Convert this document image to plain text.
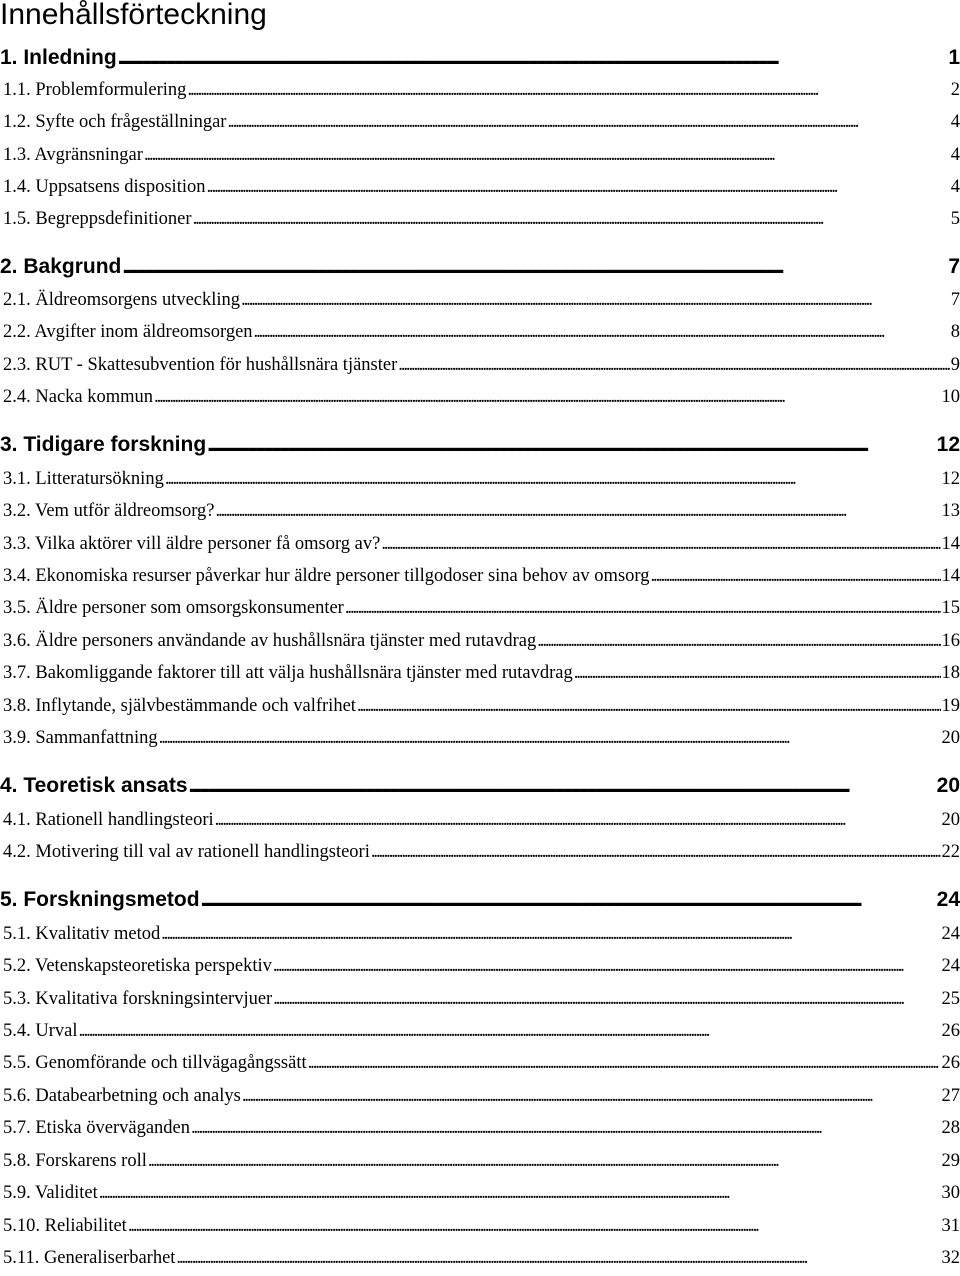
Innehållsförteckning
1. Inledning . . .	1
1.1. Problemformulering . . .	2
1.2. Syfte och frågeställningar . . .	4
1.3. Avgränsningar . . .	4
1.4. Uppsatsens disposition . . .	4
1.5. Begreppsdefinitioner . . .	5
2. Bakgrund . . .	7
2.1. Äldreomsorgens utveckling . . .	7
2.2. Avgifter inom äldreomsorgen . . .	8
2.3. RUT - Skattesubvention för hushållsnära tjänster . . .	9
2.4. Nacka kommun . . .	10
3. Tidigare forskning . . .	12
3.1. Litteratursökning . . .	12
3.2. Vem utför äldreomsorg? . . .	13
3.3. Vilka aktörer vill äldre personer få omsorg av? . . .	14
3.4. Ekonomiska resurser påverkar hur äldre personer tillgodoser sina behov av omsorg . . .	14
3.5. Äldre personer som omsorgskonsumenter . . .	15
3.6. Äldre personers användande av hushållsnära tjänster med rutavdrag . . .	16
3.7. Bakomliggande faktorer till att välja hushållsnära tjänster med rutavdrag . . .	18
3.8. Inflytande, självbestämmande och valfrihet . . .	19
3.9. Sammanfattning . . .	20
4. Teoretisk ansats . . .	20
4.1. Rationell handlingsteori . . .	20
4.2. Motivering till val av rationell handlingsteori . . .	22
5. Forskningsmetod . . .	24
5.1. Kvalitativ metod . . .	24
5.2. Vetenskapsteoretiska perspektiv . . .	24
5.3. Kvalitativa forskningsintervjuer . . .	25
5.4. Urval . . .	26
5.5. Genomförande och tillvägagångssätt . . .	26
5.6. Databearbetning och analys . . .	27
5.7. Etiska överväganden . . .	28
5.8. Forskarens roll . . .	29
5.9. Validitet . . .	30
5.10. Reliabilitet . . .	31
5.11. Generaliserbarhet . . .	32
